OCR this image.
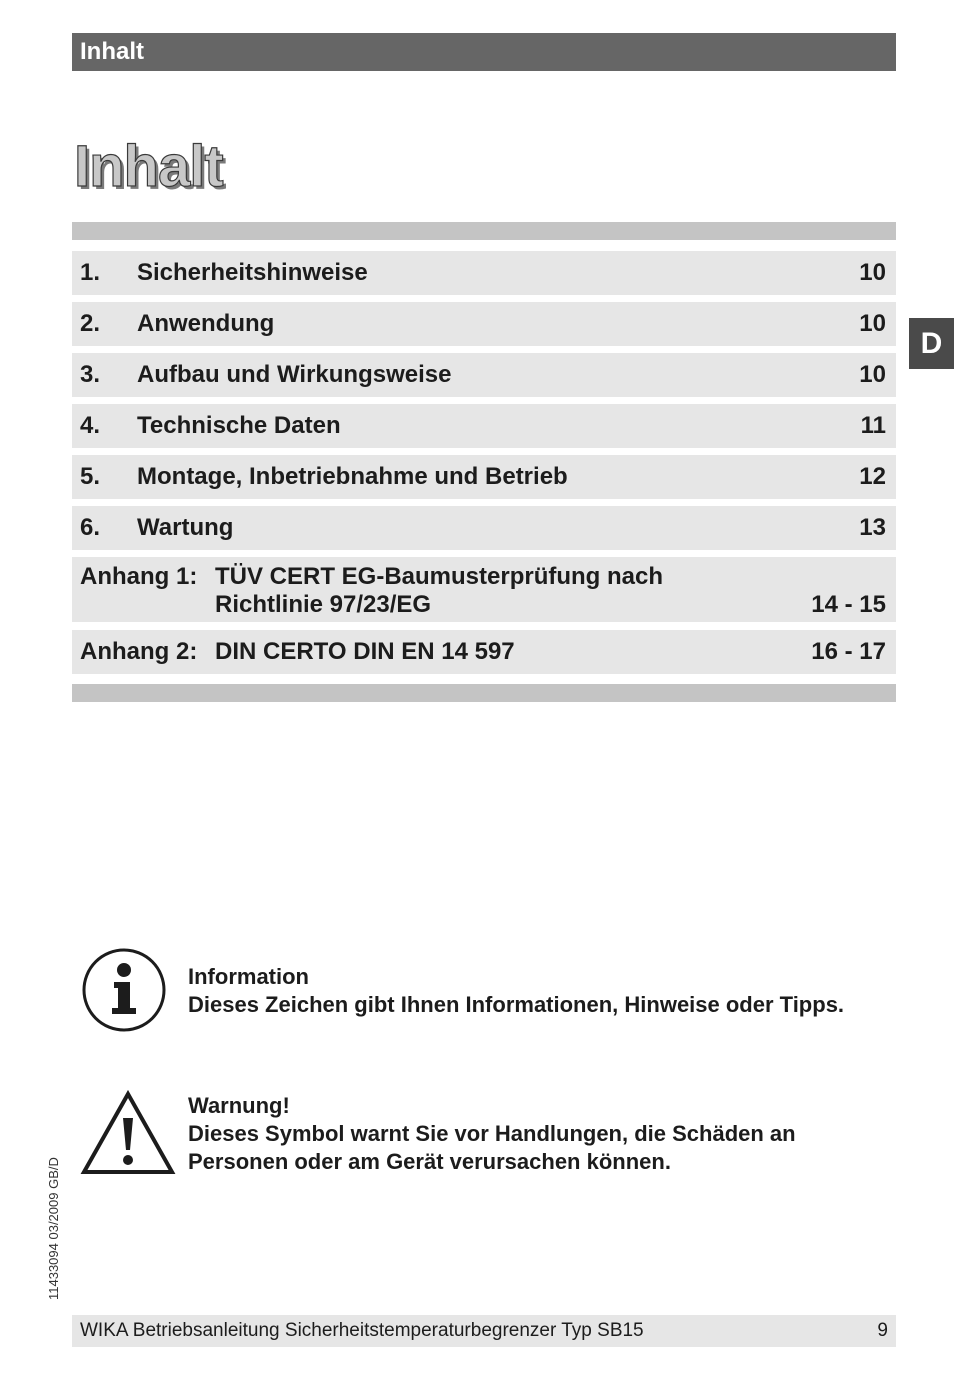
Inhalt
Inhalt
1. Sicherheitshinweise	10
2. Anwendung	10
3. Aufbau und Wirkungsweise	10
4. Technische Daten	11
5. Montage, Inbetriebnahme und Betrieb	12
6. Wartung	13
Anhang 1: TÜV CERT EG-Baumusterprüfung nach
Richtlinie 97/23/EG	14 - 15
Anhang 2: DIN CERTO DIN EN 14 597	16 - 17
D
Information
Dieses Zeichen gibt Ihnen Informationen, Hinweise oder Tipps.
Warnung!
Dieses Symbol warnt Sie vor Handlungen, die Schäden an
Personen oder am Gerät verursachen können.
11433094 03/2009 GB/D
WIKA Betriebsanleitung Sicherheitstemperaturbegrenzer Typ SB15	9
